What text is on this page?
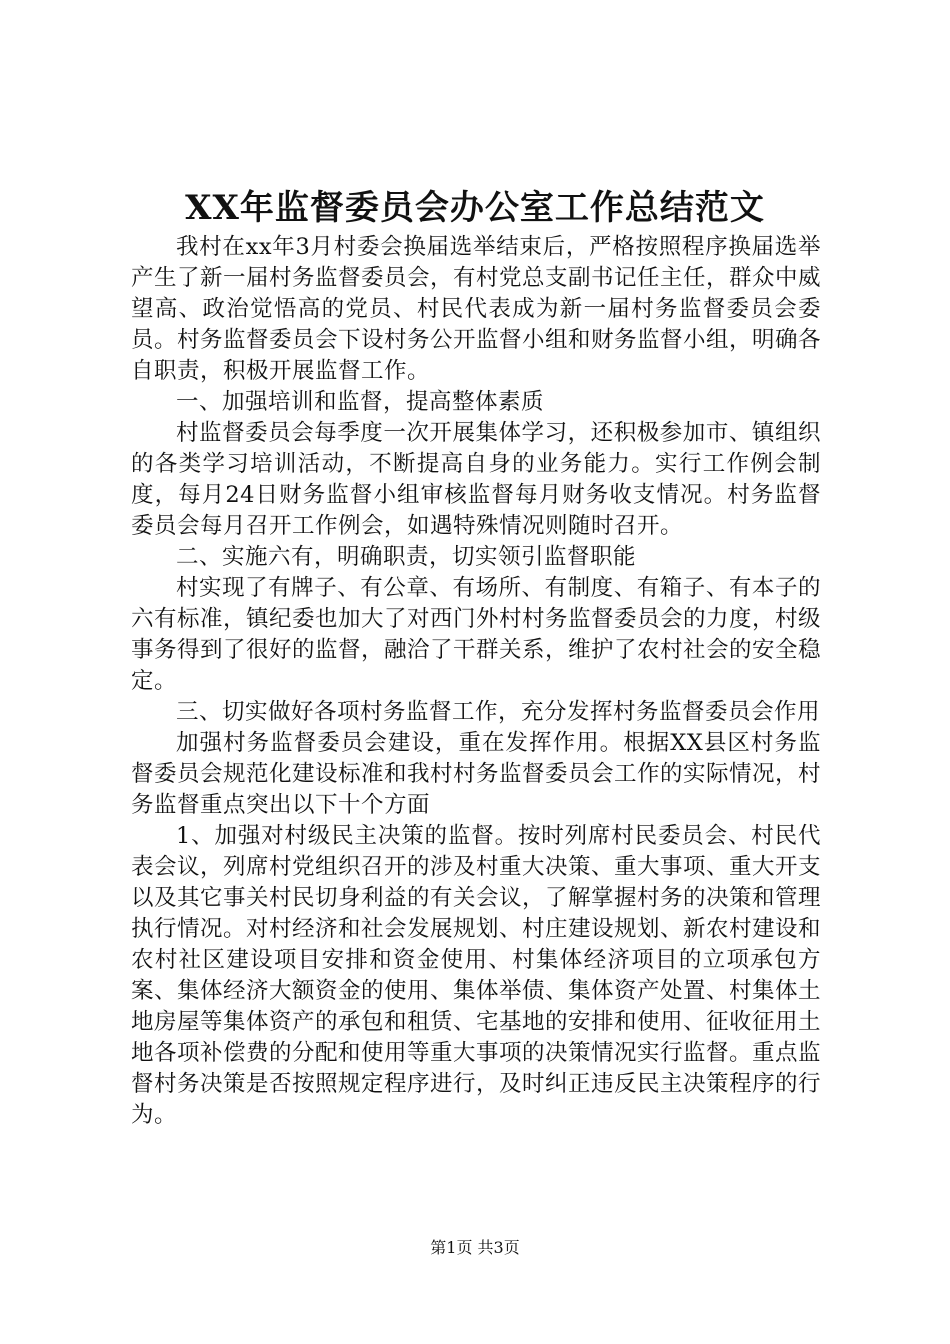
XX年监督委员会办公室工作总结范文

我村在xx年3月村委会换届选举结束后，严格按照程序换届选举产生了新一届村务监督委员会，有村党总支副书记任主任，群众中威望高、政治觉悟高的党员、村民代表成为新一届村务监督委员会委员。村务监督委员会下设村务公开监督小组和财务监督小组，明确各自职责，积极开展监督工作。

一、加强培训和监督，提高整体素质

村监督委员会每季度一次开展集体学习，还积极参加市、镇组织的各类学习培训活动，不断提高自身的业务能力。实行工作例会制度，每月24日财务监督小组审核监督每月财务收支情况。村务监督委员会每月召开工作例会，如遇特殊情况则随时召开。

二、实施六有，明确职责，切实领引监督职能

村实现了有牌子、有公章、有场所、有制度、有箱子、有本子的六有标准，镇纪委也加大了对西门外村村务监督委员会的力度，村级事务得到了很好的监督，融洽了干群关系，维护了农村社会的安全稳定。

三、切实做好各项村务监督工作，充分发挥村务监督委员会作用

加强村务监督委员会建设，重在发挥作用。根据XX县区村务监督委员会规范化建设标准和我村村务监督委员会工作的实际情况，村务监督重点突出以下十个方面

1、加强对村级民主决策的监督。按时列席村民委员会、村民代表会议，列席村党组织召开的涉及村重大决策、重大事项、重大开支以及其它事关村民切身利益的有关会议，了解掌握村务的决策和管理执行情况。对村经济和社会发展规划、村庄建设规划、新农村建设和农村社区建设项目安排和资金使用、村集体经济项目的立项承包方案、集体经济大额资金的使用、集体举债、集体资产处置、村集体土地房屋等集体资产的承包和租赁、宅基地的安排和使用、征收征用土地各项补偿费的分配和使用等重大事项的决策情况实行监督。重点监督村务决策是否按照规定程序进行，及时纠正违反民主决策程序的行为。

第1页 共3页
